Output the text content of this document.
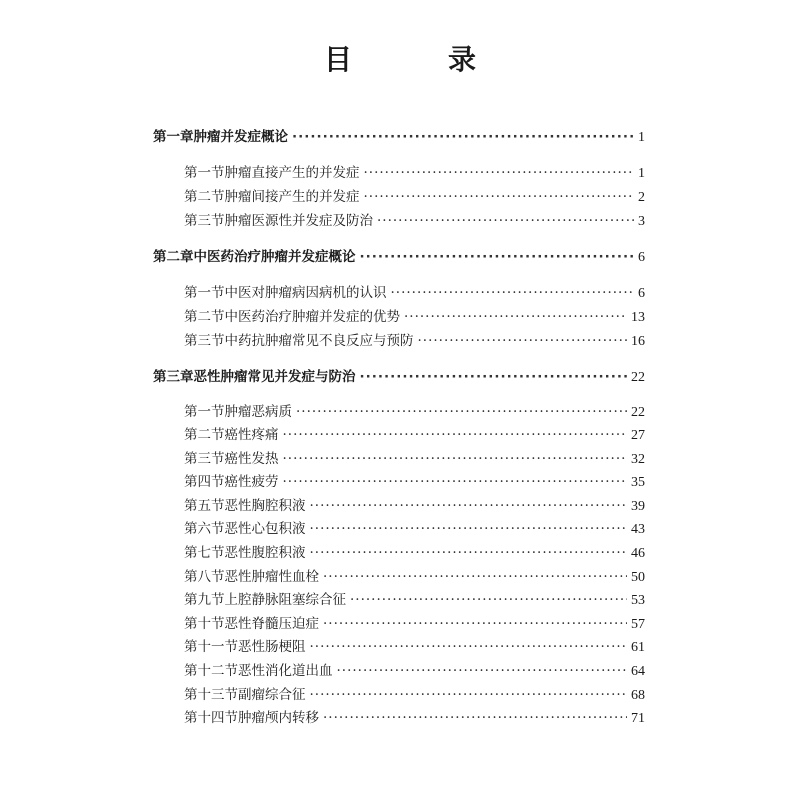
目　录
第一章 肿瘤并发症概论 ·····	1
第一节 肿瘤直接产生的并发症 ·····	1
第二节 肿瘤间接产生的并发症 ·····	2
第三节 肿瘤医源性并发症及防治 ·····	3
第二章 中医药治疗肿瘤并发症概论 ·····	6
第一节 中医对肿瘤病因病机的认识 ·····	6
第二节 中医药治疗肿瘤并发症的优势 ·····	13
第三节 中药抗肿瘤常见不良反应与预防 ·····	16
第三章 恶性肿瘤常见并发症与防治 ·····	22
第一节 肿瘤恶病质 ·····	22
第二节 癌性疼痛 ·····	27
第三节 癌性发热 ·····	32
第四节 癌性疲劳 ·····	35
第五节 恶性胸腔积液 ·····	39
第六节 恶性心包积液 ·····	43
第七节 恶性腹腔积液 ·····	46
第八节 恶性肿瘤性血栓 ·····	50
第九节 上腔静脉阻塞综合征 ·····	53
第十节 恶性脊髓压迫症 ·····	57
第十一节 恶性肠梗阻 ·····	61
第十二节 恶性消化道出血 ·····	64
第十三节 副瘤综合征 ·····	68
第十四节 肿瘤颅内转移 ·····	71
